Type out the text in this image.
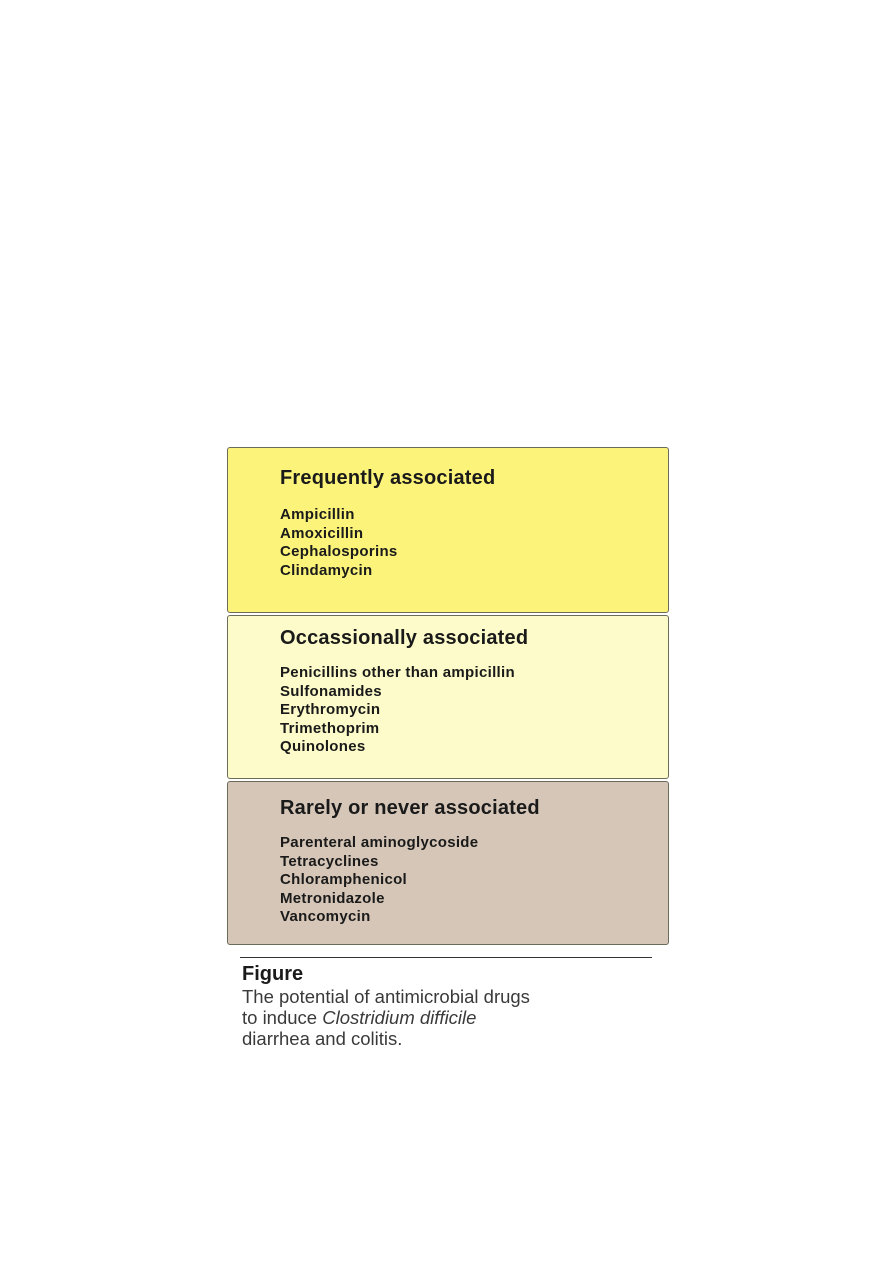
Frequently associated
Ampicillin
Amoxicillin
Cephalosporins
Clindamycin
Occassionally associated
Penicillins other than ampicillin
Sulfonamides
Erythromycin
Trimethoprim
Quinolones
Rarely or never associated
Parenteral aminoglycoside
Tetracyclines
Chloramphenicol
Metronidazole
Vancomycin
Figure

The potential of antimicrobial drugs
to induce Clostridium difficile
diarrhea and colitis.
